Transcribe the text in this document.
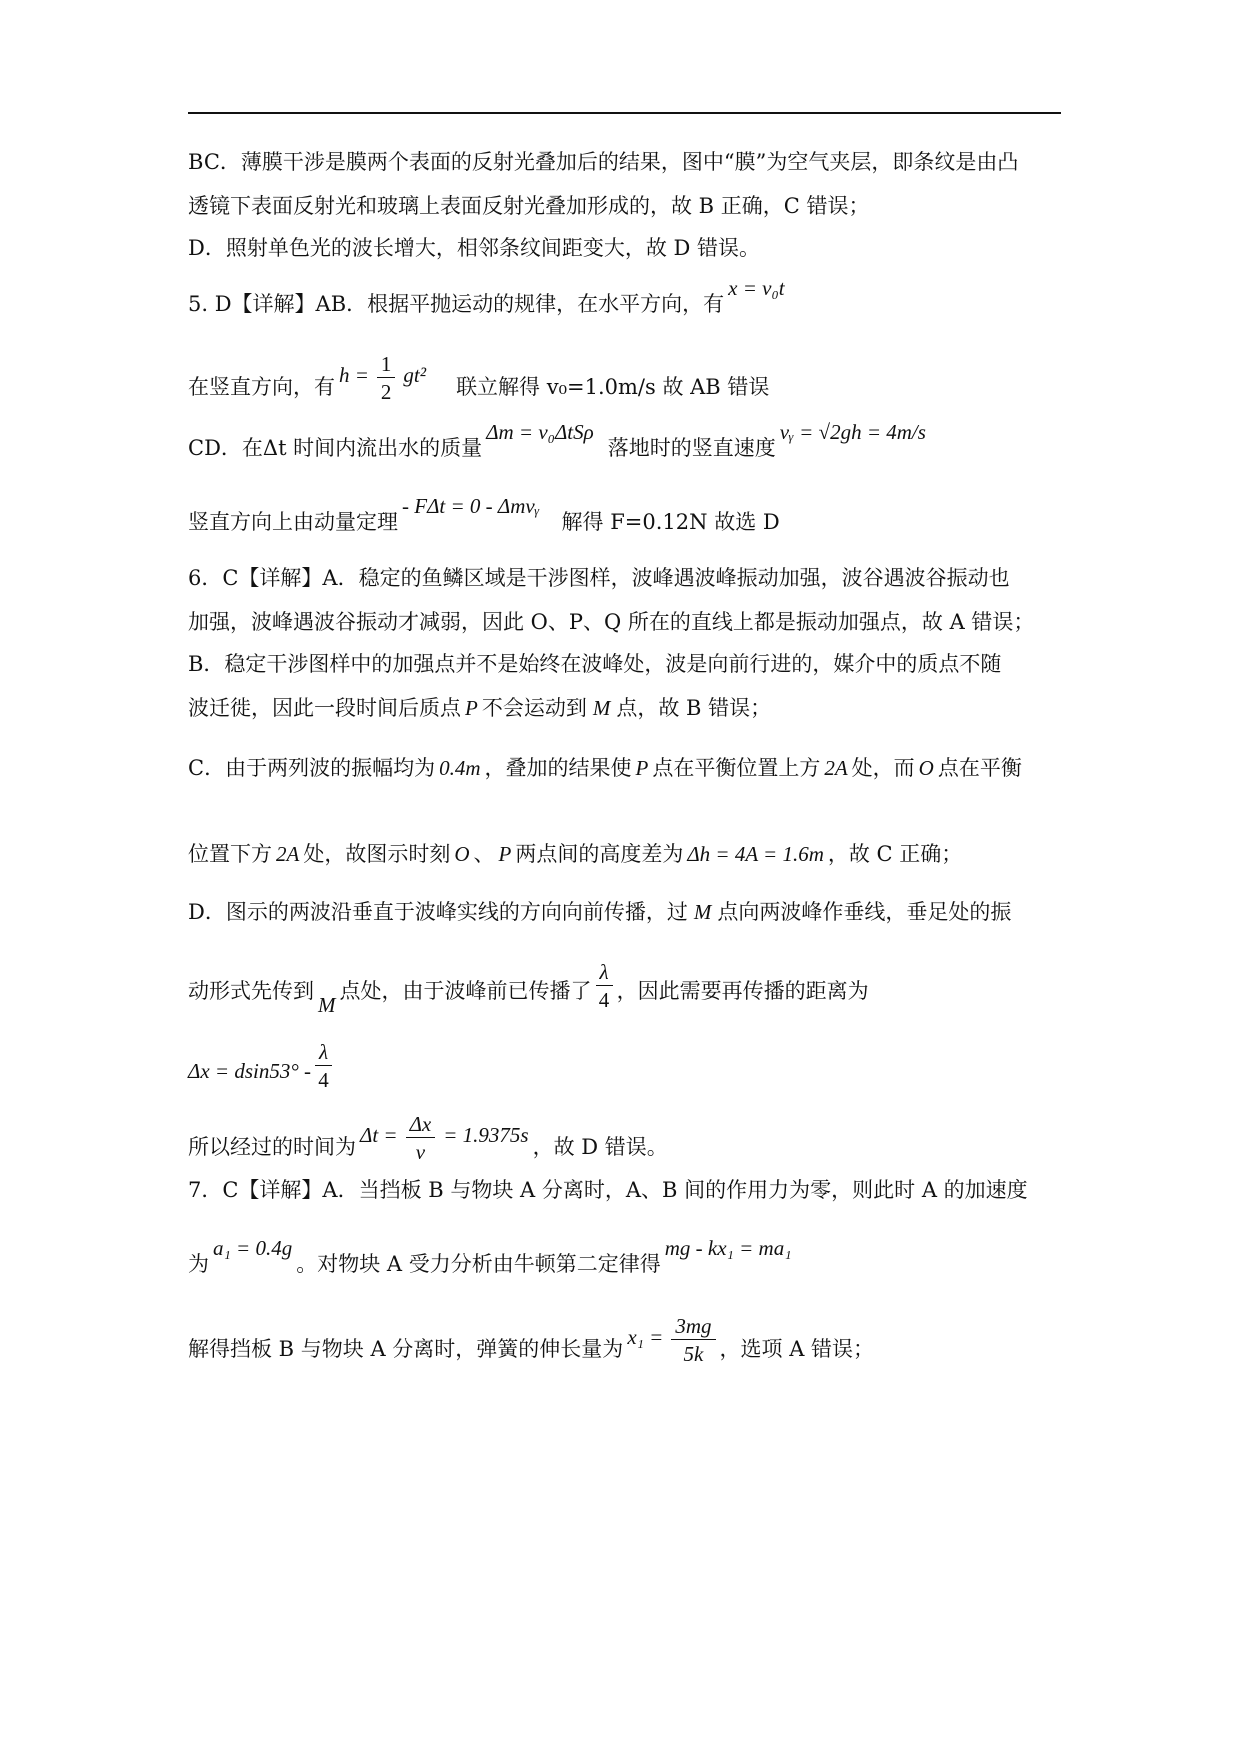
BC．薄膜干涉是膜两个表面的反射光叠加后的结果，图中“膜”为空气夹层，即条纹是由凸
透镜下表面反射光和玻璃上表面反射光叠加形成的，故 B 正确，C 错误；
D．照射单色光的波长增大，相邻条纹间距变大，故 D 错误。
5. D【详解】AB．根据平抛运动的规律，在水平方向，有x = v₀t
在竖直方向，有 $h = \frac{1}{2} gt^2$ 联立解得 v₀=1.0m/s 故 AB 错误
CD．在Δt 时间内流出水的质量Δm = v₀ΔtSρ落地时的竖直速度vᵧ = √2gh = 4m/s
竖直方向上由动量定理- FΔt = 0 - Δmvᵧ解得 F=0.12N 故选 D
6．C【详解】A．稳定的鱼鳞区域是干涉图样，波峰遇波峰振动加强，波谷遇波谷振动也
加强，波峰遇波谷振动才减弱，因此 O、P、Q 所在的直线上都是振动加强点，故 A 错误；
B．稳定干涉图样中的加强点并不是始终在波峰处，波是向前行进的，媒介中的质点不随
波迁徙，因此一段时间后质点 P 不会运动到 M 点，故 B 错误；
C．由于两列波的振幅均为 0.4m ，叠加的结果使 P 点在平衡位置上方 2A 处，而 O 点在平衡
位置下方 2A 处，故图示时刻 O 、 P 两点间的高度差为 Δh = 4A = 1.6m ，故 C 正确；
D．图示的两波沿垂直于波峰实线的方向向前传播，过 M 点向两波峰作垂线，垂足处的振
动形式先传到M点处，由于波峰前已传播了 $\frac{\lambda}{4}$ ，因此需要再传播的距离为
$\Delta x = dsin53^\circ - \frac{\lambda}{4}$
所以经过的时间为 $\Delta t = \frac{\Delta x}{v} = 1.9375s$ ，故 D 错误。
7．C【详解】A．当挡板 B 与物块 A 分离时，A、B 间的作用力为零，则此时 A 的加速度
为a₁ = 0.4g。对物块 A 受力分析由牛顿第二定律得mg - kx₁ = ma₁
解得挡板 B 与物块 A 分离时，弹簧的伸长量为 $x_1 = \frac{3mg}{5k}$ ，选项 A 错误；
